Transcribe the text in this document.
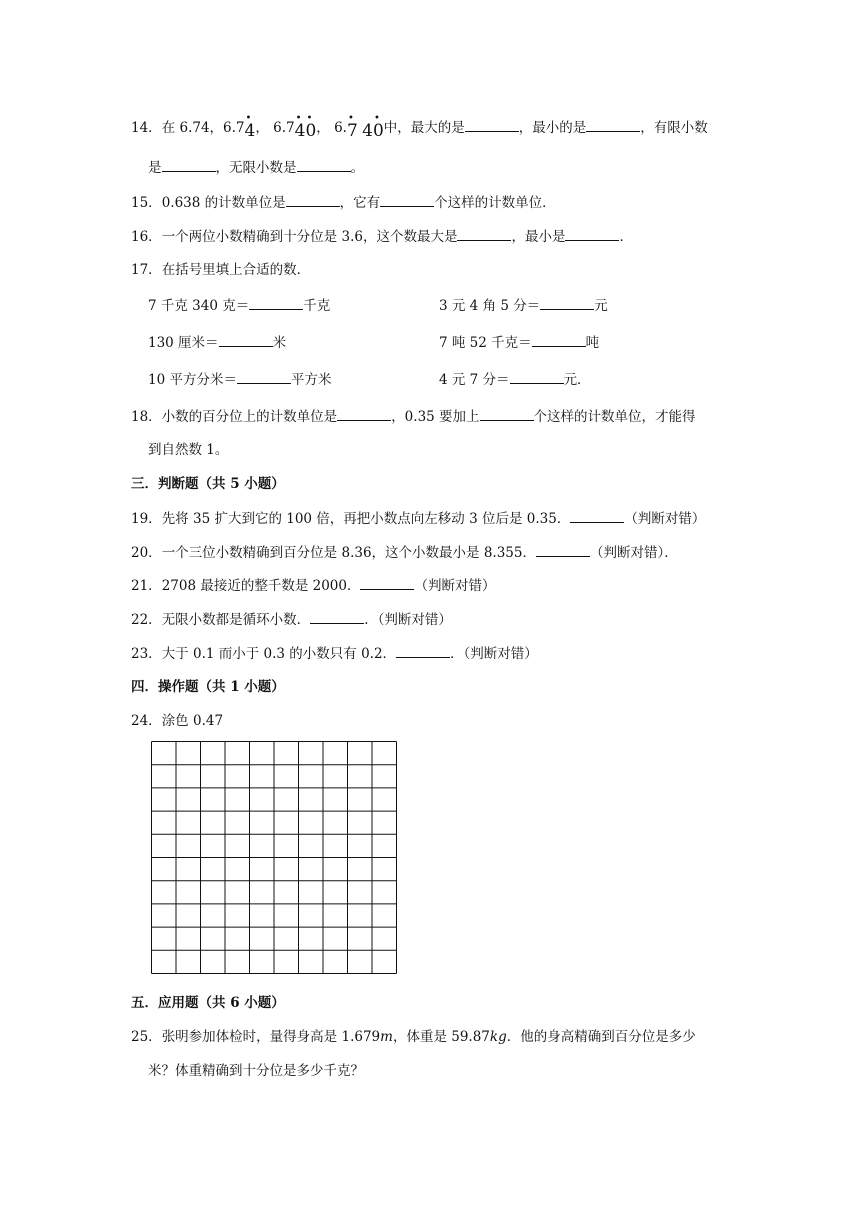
14．在 6.74，6.7
•
4， 6.7
•
4
•
0， 6.
•
7 4
•
0中，最大的是	，最小的是	，有限小数
是	，无限小数是	。
15．0.638 的计数单位是	，它有	个这样的计数单位．
16．一个两位小数精确到十分位是 3.6，这个数最大是	，最小是	．
17．在括号里填上合适的数．
7 千克 340 克＝	千克	3 元 4 角 5 分＝	元
130 厘米＝	米	7 吨 52 千克＝	吨
10 平方分米＝	平方米	4 元 7 分＝	元．
18．小数的百分位上的计数单位是	，0.35 要加上	个这样的计数单位，才能得
到自然数 1。
三．判断题（共 5 小题）
19．先将 35 扩大到它的 100 倍，再把小数点向左移动 3 位后是 0.35．	（判断对错）
20．一个三位小数精确到百分位是 8.36，这个小数最小是 8.355．	（判断对错）．
21．2708 最接近的整千数是 2000．	（判断对错）
22．无限小数都是循环小数．	．（判断对错）
23．大于 0.1 而小于 0.3 的小数只有 0.2．	．（判断对错）
四．操作题（共 1 小题）
24．涂色 0.47
五．应用题（共 6 小题）
25．张明参加体检时，量得身高是 1.679m，体重是 59.87kg．他的身高精确到百分位是多少
米？体重精确到十分位是多少千克？
